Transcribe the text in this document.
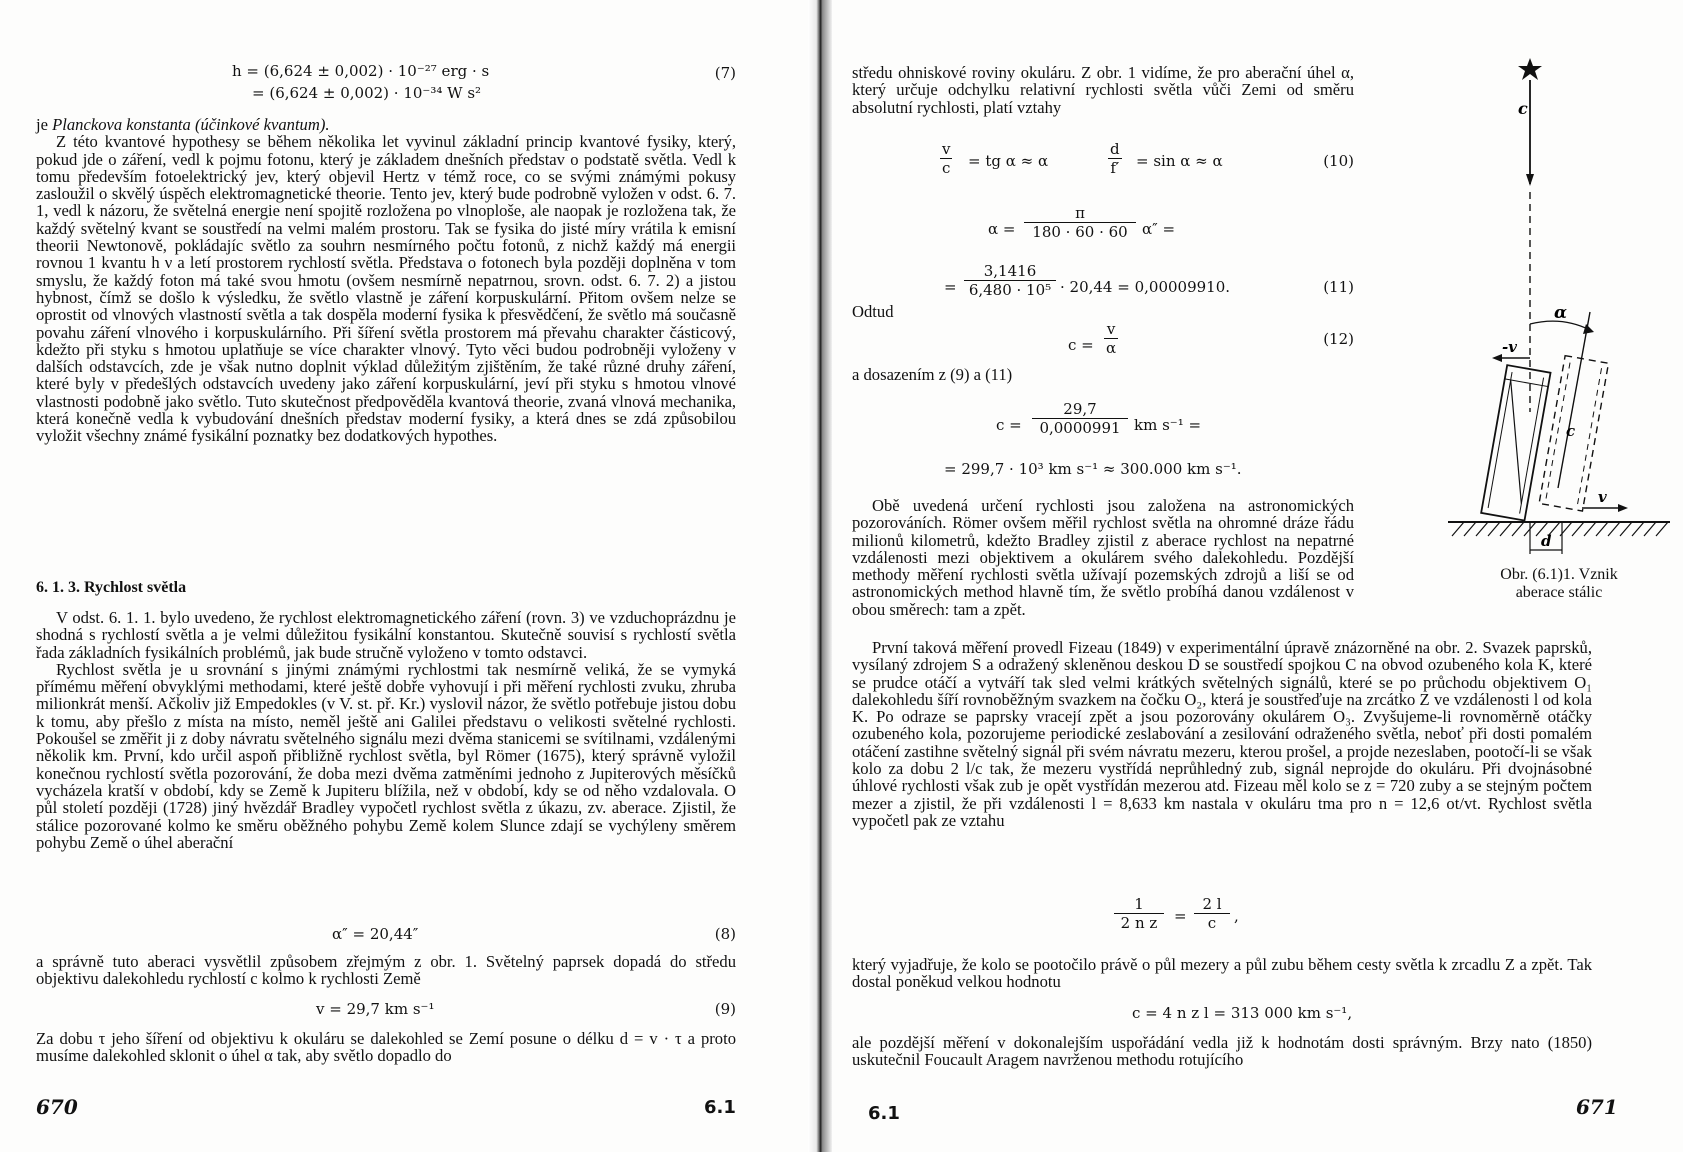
h = (6,624 ± 0,002) · 10⁻²⁷ erg · s
= (6,624 ± 0,002) · 10⁻³⁴ W s²
(7)

je Planckova konstanta (účinkové kvantum).

Z této kvantové hypothesy se během několika let vyvinul základní princip kvantové fysiky, který, pokud jde o záření, vedl k pojmu fotonu, který je základem dnešních představ o podstatě světla. Vedl k tomu především fotoelektrický jev, který objevil Hertz v témž roce, co se svými známými pokusy zasloužil o skvělý úspěch elektromagnetické theorie. Tento jev, který bude podrobně vyložen v odst. 6. 7. 1, vedl k názoru, že světelná energie není spojitě rozložena po vlnoploše, ale naopak je rozložena tak, že každý světelný kvant se soustředí na velmi malém prostoru. Tak se fysika do jisté míry vrátila k emisní theorii Newtonově, pokládajíc světlo za souhrn nesmírného počtu fotonů, z nichž každý má energii rovnou 1 kvantu h ν a letí prostorem rychlostí světla. Představa o fotonech byla později doplněna v tom smyslu, že každý foton má také svou hmotu (ovšem nesmírně nepatrnou, srovn. odst. 6. 7. 2) a jistou hybnost, čímž se došlo k výsledku, že světlo vlastně je záření korpuskulární. Přitom ovšem nelze se oprostit od vlnových vlastností světla a tak dospěla moderní fysika k přesvědčení, že světlo má současně povahu záření vlnového i korpuskulárního. Při šíření světla prostorem má převahu charakter částicový, kdežto při styku s hmotou uplatňuje se více charakter vlnový. Tyto věci budou podrobněji vyloženy v dalších odstavcích, zde je však nutno doplnit výklad důležitým zjištěním, že také různé druhy záření, které byly v předešlých odstavcích uvedeny jako záření korpuskulární, jeví při styku s hmotou vlnové vlastnosti podobně jako světlo. Tuto skutečnost předpověděla kvantová theorie, zvaná vlnová mechanika, která konečně vedla k vybudování dnešních představ moderní fysiky, a která dnes se zdá způsobilou vyložit všechny známé fysikální poznatky bez dodatkových hypothes.

6. 1. 3. Rychlost světla

V odst. 6. 1. 1. bylo uvedeno, že rychlost elektromagnetického záření (rovn. 3) ve vzduchoprázdnu je shodná s rychlostí světla a je velmi důležitou fysikální konstantou. Skutečně souvisí s rychlostí světla řada základních fysikálních problémů, jak bude stručně vyloženo v tomto odstavci.

Rychlost světla je u srovnání s jinými známými rychlostmi tak nesmírně veliká, že se vymyká přímému měření obvyklými methodami, které ještě dobře vyhovují i při měření rychlosti zvuku, zhruba milionkrát menší. Ačkoliv již Empedokles (v V. st. př. Kr.) vyslovil názor, že světlo potřebuje jistou dobu k tomu, aby přešlo z místa na místo, neměl ještě ani Galilei představu o velikosti světelné rychlosti. Pokoušel se změřit ji z doby návratu světelného signálu mezi dvěma stanicemi se svítilnami, vzdálenými několik km. První, kdo určil aspoň přibližně rychlost světla, byl Römer (1675), který správně vyložil konečnou rychlostí světla pozorování, že doba mezi dvěma zatměními jednoho z Jupiterových měsíčků vycházela kratší v období, kdy se Země k Jupiteru blížila, než v období, kdy se od něho vzdalovala. O půl století později (1728) jiný hvězdář Bradley vypočetl rychlost světla z úkazu, zv. aberace. Zjistil, že stálice pozorované kolmo ke směru oběžného pohybu Země kolem Slunce zdají se vychýleny směrem pohybu Země o úhel aberační

α″ = 20,44″	(8)

a správně tuto aberaci vysvětlil způsobem zřejmým z obr. 1. Světelný paprsek dopadá do středu objektivu dalekohledu rychlostí c kolmo k rychlosti Země

v = 29,7 km s⁻¹	(9)

Za dobu τ jeho šíření od objektivu k okuláru se dalekohled se Zemí posune o délku d = v · τ a proto musíme dalekohled sklonit o úhel α tak, aby světlo dopadlo do

670	6.1

středu ohniskové roviny okuláru. Z obr. 1 vidíme, že pro aberační úhel α, který určuje odchylku relativní rychlosti světla vůči Zemi od směru absolutní rychlosti, platí vztahy

$\frac{v}{c}$ = tg α ≈ α	$\frac{d}{f'} = \sin \alpha \approx \alpha$	(10)
$\alpha = \frac{\pi}{180 \cdot 60 \cdot 60} \alpha''$ =
= $\frac{3,1416}{\text{6,480 · 10⁵}} \cdot 20,44 = 0,00009910$.	(11)
Odtud
$c = \frac{v}{\alpha}$	(12)
a dosazením z (9) a (11)
$c = \frac{29,7}{0,0000991}$ km s⁻¹ =
= 299,7 · 10³ km s⁻¹ ≈ 300.000 km s⁻¹.

Obě uvedená určení rychlosti jsou založena na astronomických pozorováních. Römer ovšem měřil rychlost světla na ohromné dráze řádu milionů kilometrů, kdežto Bradley zjistil z aberace rychlost na nepatrné vzdálenosti mezi objektivem a okulárem svého dalekohledu. Pozdější methody měření rychlosti světla užívají pozemských zdrojů a liší se od astronomických method hlavně tím, že světlo probíhá danou vzdálenost v obou směrech: tam a zpět.

První taková měření provedl Fizeau (1849) v experimentální úpravě znázorněné na obr. 2. Svazek paprsků, vysílaný zdrojem S a odražený skleněnou deskou D se soustředí spojkou C na obvod ozubeného kola K, které se prudce otáčí a vytváří tak sled velmi krátkých světelných signálů, které se po průchodu objektivem O₁ dalekohledu šíří rovnoběžným svazkem na čočku O₂, která je soustřeďuje na zrcátko Z ve vzdálenosti l od kola K. Po odraze se paprsky vracejí zpět a jsou pozorovány okulárem O₃. Zvyšujeme-li rovnoměrně otáčky ozubeného kola, pozorujeme periodické zeslabování a zesilování odraženého světla, neboť při dosti pomalém otáčení zastihne světelný signál při svém návratu mezeru, kterou prošel, a projde nezeslaben, pootočí-li se však kolo za dobu 2 l/c tak, že mezeru vystřídá neprůhledný zub, signál neprojde do okuláru. Při dvojnásobné úhlové rychlosti však zub je opět vystřídán mezerou atd. Fizeau měl kolo se z = 720 zuby a se stejným počtem mezer a zjistil, že při vzdálenosti l = 8,633 km nastala v okuláru tma pro n = 12,6 ot/vt. Rychlost světla vypočetl pak ze vztahu

$\frac{1}{\text{2 n z}} = \frac{2 l}{c}$ ,

který vyjadřuje, že kolo se pootočilo právě o půl mezery a půl zubu během cesty světla k zrcadlu Z a zpět. Tak dostal poněkud velkou hodnotu

c = 4 n z l = 313 000 km s⁻¹,

ale pozdější měření v dokonalejším uspořádání vedla již k hodnotám dosti správným. Brzy nato (1850) uskutečnil Foucault Aragem navrženou methodu rotujícího

6.1	671
c
-v
α
c
v
d
Obr. (6.1)1. Vznik
aberace stálic
